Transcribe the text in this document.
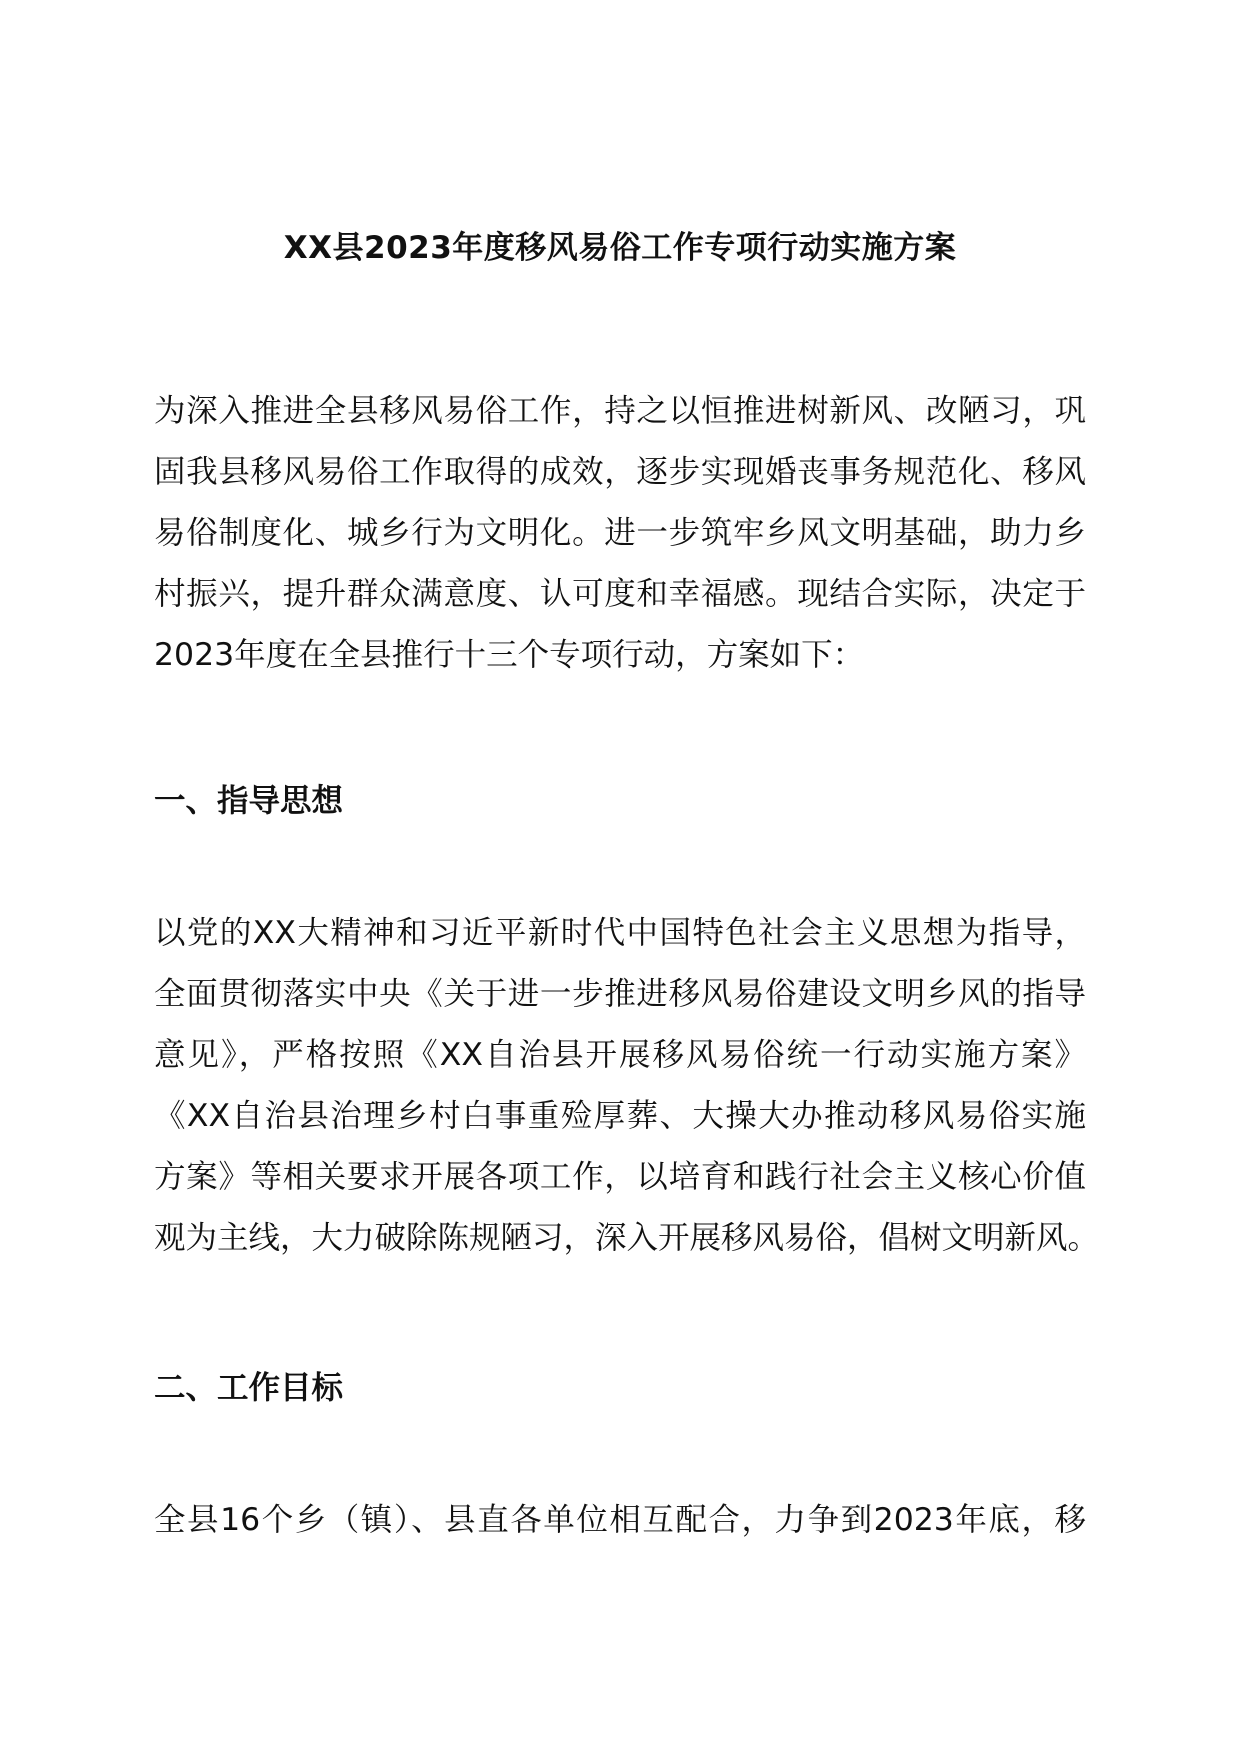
XX县2023年度移风易俗工作专项行动实施方案
为深入推进全县移风易俗工作，持之以恒推进树新风、改陋习，巩
固我县移风易俗工作取得的成效，逐步实现婚丧事务规范化、移风
易俗制度化、城乡行为文明化。进一步筑牢乡风文明基础，助力乡
村振兴，提升群众满意度、认可度和幸福感。现结合实际，决定于
2023年度在全县推行十三个专项行动，方案如下：
一、指导思想
以党的XX大精神和习近平新时代中国特色社会主义思想为指导，
全面贯彻落实中央《关于进一步推进移风易俗建设文明乡风的指导
意见》，严格按照《XX自治县开展移风易俗统一行动实施方案》
《XX自治县治理乡村白事重殓厚葬、大操大办推动移风易俗实施
方案》等相关要求开展各项工作，以培育和践行社会主义核心价值
观为主线，大力破除陈规陋习，深入开展移风易俗，倡树文明新风。
二、工作目标
全县16个乡（镇）、县直各单位相互配合，力争到2023年底，移
